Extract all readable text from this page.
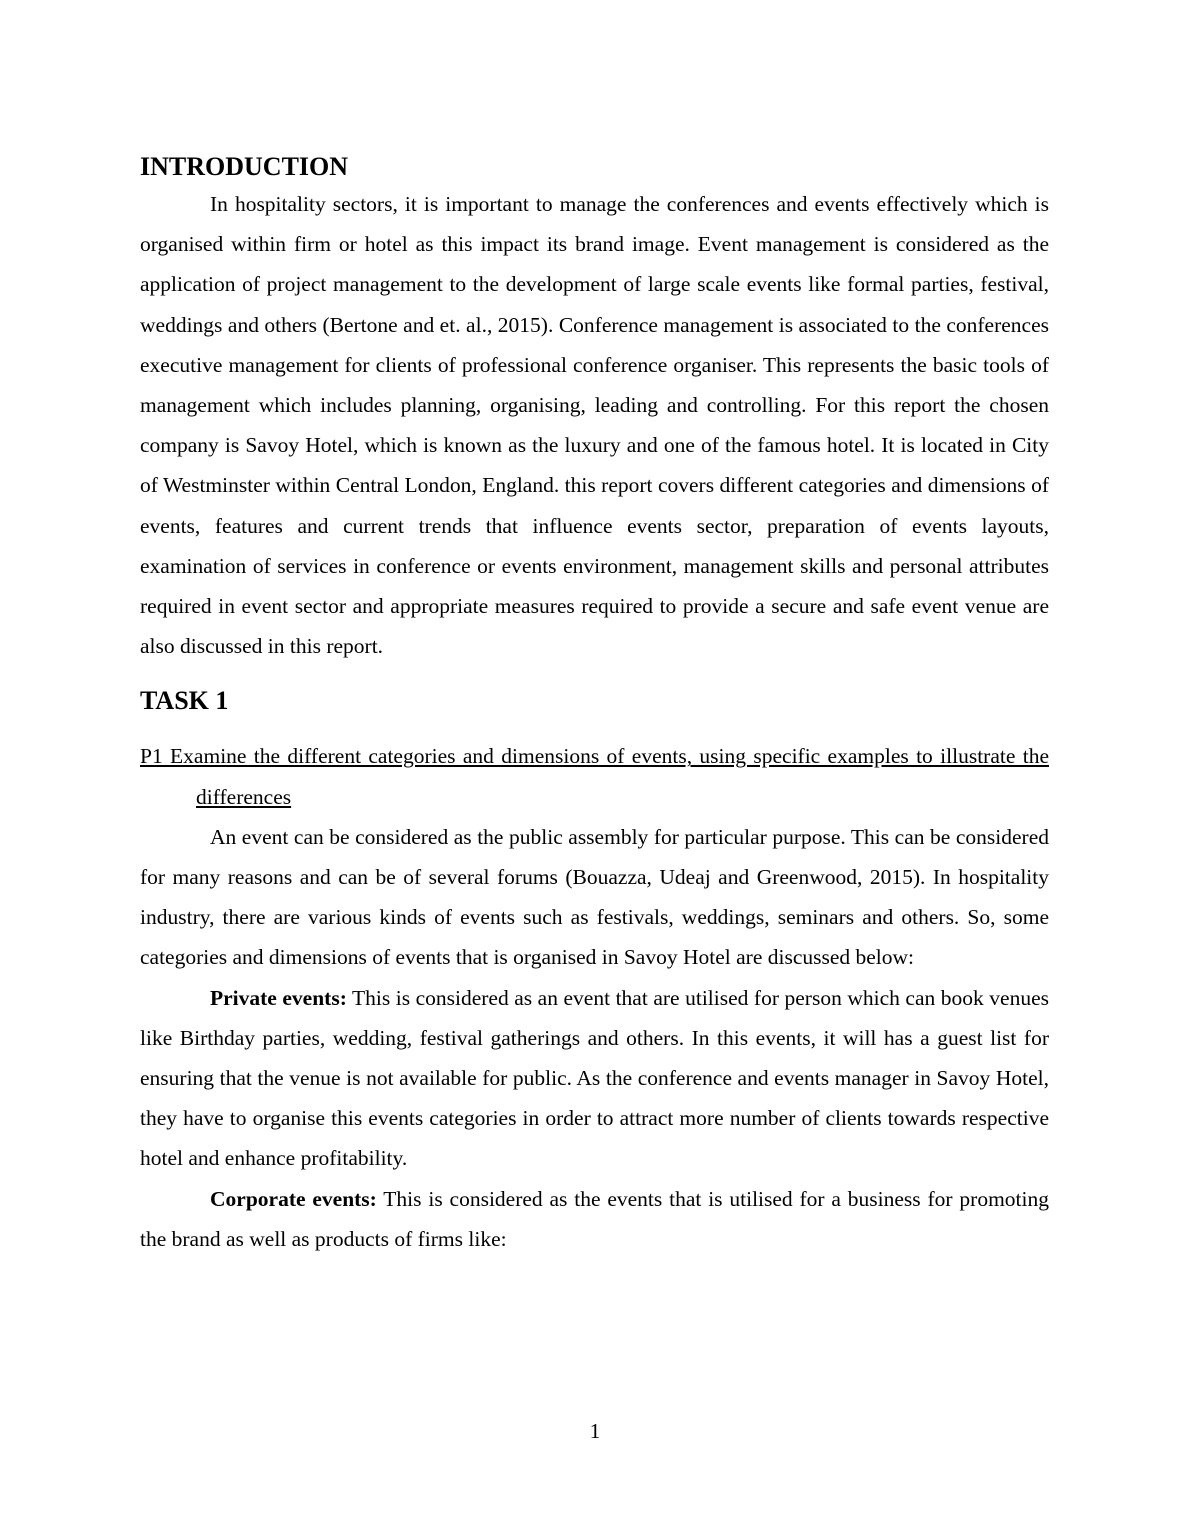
INTRODUCTION

In hospitality sectors, it is important to manage the conferences and events effectively which is organised within firm or hotel as this impact its brand image. Event management is considered as the application of project management to the development of large scale events like formal parties, festival, weddings and others (Bertone and et. al., 2015). Conference management is associated to the conferences executive management for clients of professional conference organiser. This represents the basic tools of management which includes planning, organising, leading and controlling. For this report the chosen company is Savoy Hotel, which is known as the luxury and one of the famous hotel. It is located in City of Westminster within Central London, England. this report covers different categories and dimensions of events, features and current trends that influence events sector, preparation of events layouts, examination of services in conference or events environment, management skills and personal attributes required in event sector and appropriate measures required to provide a secure and safe event venue are also discussed in this report.

TASK 1
P1 Examine the different categories and dimensions of events, using specific examples to illustrate the differences

An event can be considered as the public assembly for particular purpose. This can be considered for many reasons and can be of several forums (Bouazza, Udeaj and Greenwood, 2015). In hospitality industry, there are various kinds of events such as festivals, weddings, seminars and others. So, some categories and dimensions of events that is organised in Savoy Hotel are discussed below:

Private events: This is considered as an event that are utilised for person which can book venues like Birthday parties, wedding, festival gatherings and others. In this events, it will has a guest list for ensuring that the venue is not available for public. As the conference and events manager in Savoy Hotel, they have to organise this events categories in order to attract more number of clients towards respective hotel and enhance profitability.

Corporate events: This is considered as the events that is utilised for a business for promoting the brand as well as products of firms like:

1
